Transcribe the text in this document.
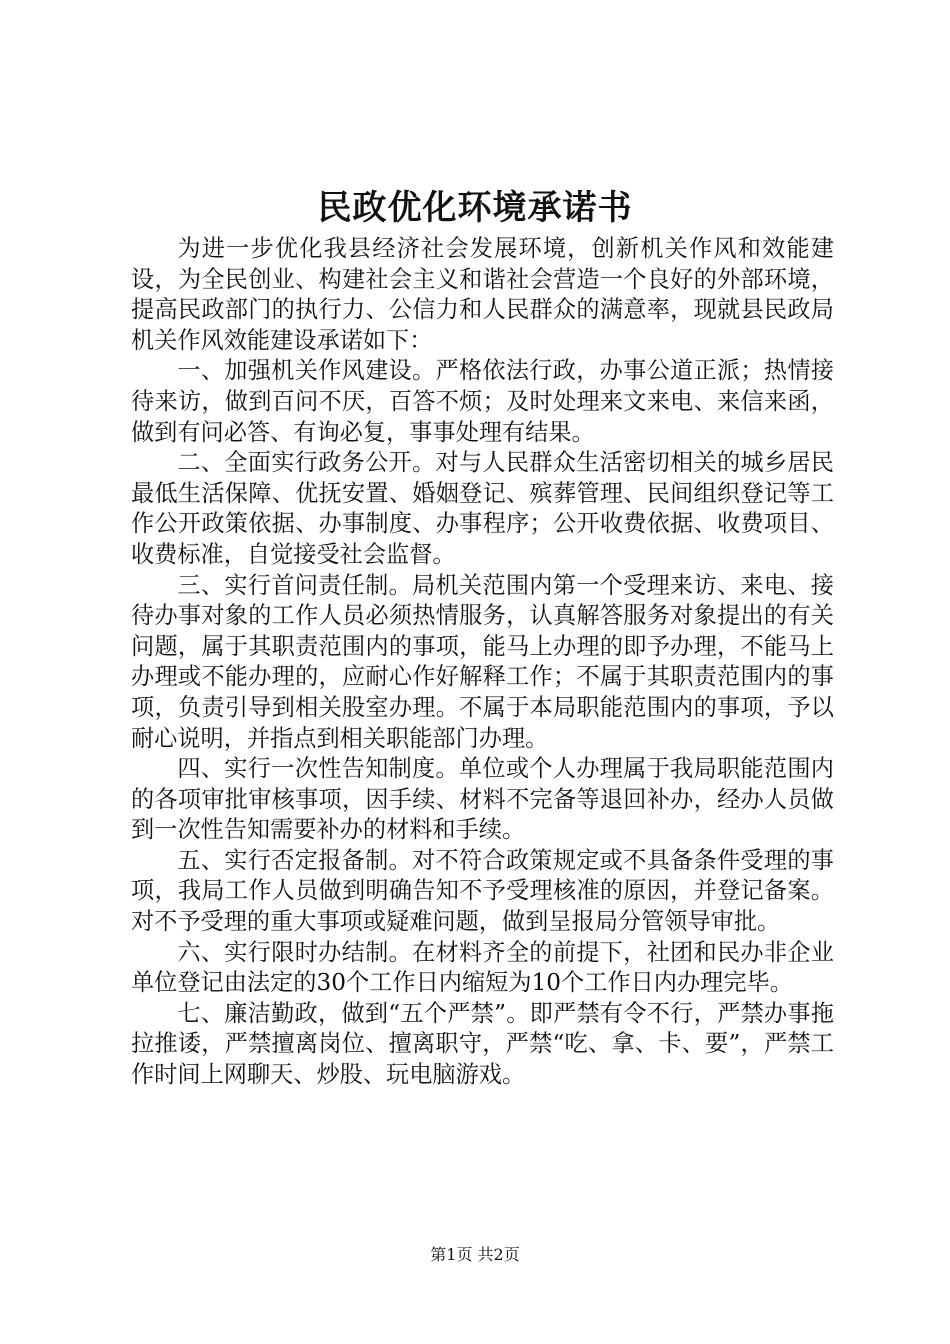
民政优化环境承诺书

为进一步优化我县经济社会发展环境，创新机关作风和效能建设，为全民创业、构建社会主义和谐社会营造一个良好的外部环境，提高民政部门的执行力、公信力和人民群众的满意率，现就县民政局机关作风效能建设承诺如下：

一、加强机关作风建设。严格依法行政，办事公道正派；热情接待来访，做到百问不厌，百答不烦；及时处理来文来电、来信来函，做到有问必答、有询必复，事事处理有结果。

二、全面实行政务公开。对与人民群众生活密切相关的城乡居民最低生活保障、优抚安置、婚姻登记、殡葬管理、民间组织登记等工作公开政策依据、办事制度、办事程序；公开收费依据、收费项目、收费标准，自觉接受社会监督。

三、实行首问责任制。局机关范围内第一个受理来访、来电、接待办事对象的工作人员必须热情服务，认真解答服务对象提出的有关问题，属于其职责范围内的事项，能马上办理的即予办理，不能马上办理或不能办理的，应耐心作好解释工作；不属于其职责范围内的事项，负责引导到相关股室办理。不属于本局职能范围内的事项，予以耐心说明，并指点到相关职能部门办理。

四、实行一次性告知制度。单位或个人办理属于我局职能范围内的各项审批审核事项，因手续、材料不完备等退回补办，经办人员做到一次性告知需要补办的材料和手续。

五、实行否定报备制。对不符合政策规定或不具备条件受理的事项，我局工作人员做到明确告知不予受理核准的原因，并登记备案。对不予受理的重大事项或疑难问题，做到呈报局分管领导审批。

六、实行限时办结制。在材料齐全的前提下，社团和民办非企业单位登记由法定的30个工作日内缩短为10个工作日内办理完毕。

七、廉洁勤政，做到“五个严禁”。即严禁有令不行，严禁办事拖拉推诿，严禁擅离岗位、擅离职守，严禁“吃、拿、卡、要”，严禁工作时间上网聊天、炒股、玩电脑游戏。

第1页 共2页
